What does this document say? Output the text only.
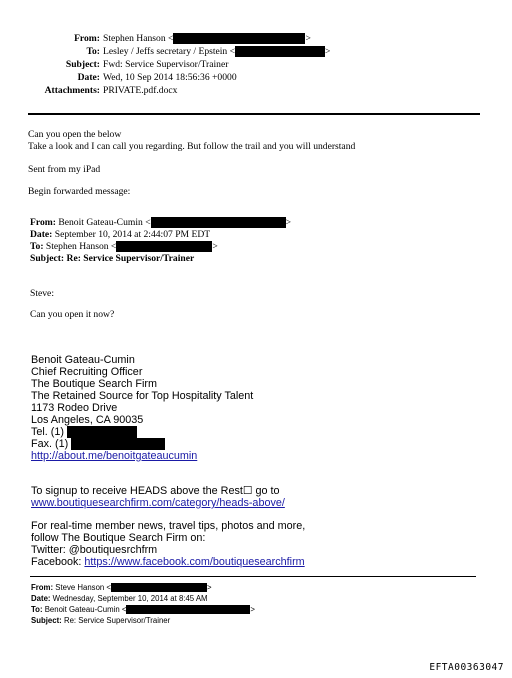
From: Stephen Hanson <	>
To: Lesley / Jeffs secretary / Epstein <	>
Subject: Fwd: Service Supervisor/Trainer
Date: Wed, 10 Sep 2014 18:56:36 +0000
Attachments: PRIVATE.pdf.docx
Can you open the below
Take a look and I can call you regarding. But follow the trail and you will understand
Sent from my iPad
Begin forwarded message:
From: Benoit Gateau-Cumin <	>
Date: September 10, 2014 at 2:44:07 PM EDT
To: Stephen Hanson <	>
Subject: Re: Service Supervisor/Trainer
Steve:
Can you open it now?
Benoit Gateau-Cumin
Chief Recruiting Officer
The Boutique Search Firm
The Retained Source for Top Hospitality Talent
1173 Rodeo Drive
Los Angeles, CA 90035
Tel. (1)
Fax. (1)
http://about.me/benoitgateaucumin
To signup to receive HEADS above the Rest☐ go to
www.boutiquesearchfirm.com/category/heads-above/
For real-time member news, travel tips, photos and more,
follow The Boutique Search Firm on:
Twitter: @boutiquesrchfrm
Facebook: https://www.facebook.com/boutiquesearchfirm
From: Steve Hanson <	>
Date: Wednesday, September 10, 2014 at 8:45 AM
To: Benoit Gateau-Cumin <	>
Subject: Re: Service Supervisor/Trainer
EFTA00363047
